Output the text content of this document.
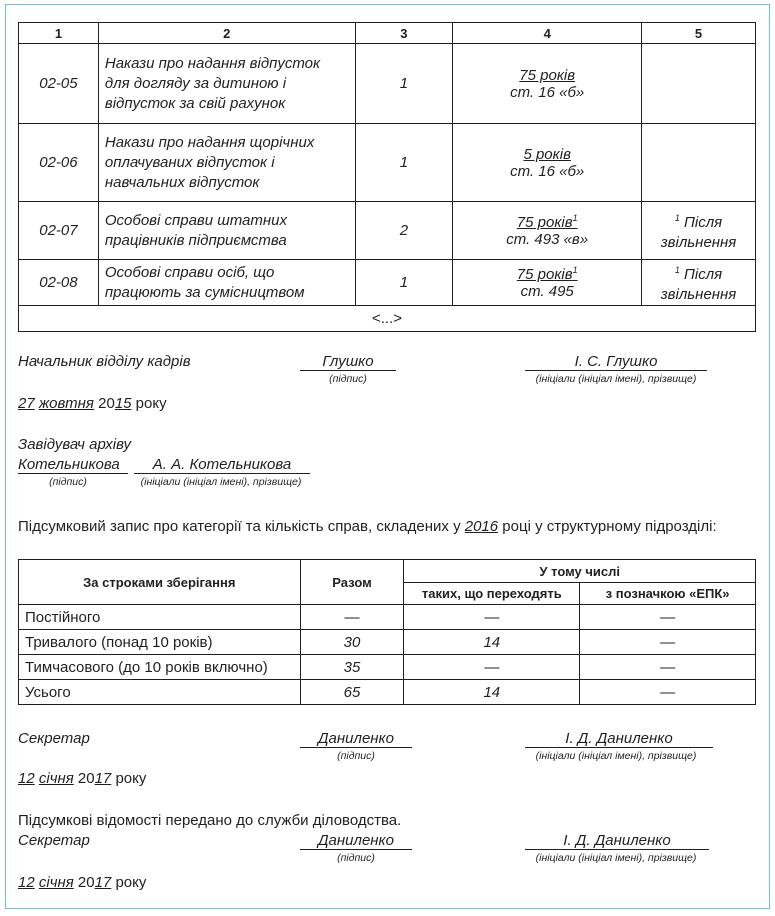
1	2	3	4	5
02-05	Накази про надання відпусток для догляду за дитиною і відпусток за свій рахунок	1	75 років
ст. 16 «б»	
02-06	Накази про надання щорічних оплачуваних відпусток і навчальних відпусток	1	5 років
ст. 16 «б»	
02-07	Особові справи штатних працівників підприємства	2	75 років$^1$
ст. 493 «в»	$^1$ Після звільнення
02-08	Особові справи осіб, що працюють за сумісництвом	1	75 років$^1$
ст. 495	$^1$ Після звільнення
<...>				
Начальник відділу кадрів	Глушко
(підпис)
І. С. Глушко
(ініціали (ініціал імені), прізвище)
27 жовтня 2015 року
Завідувач архіву
Котельникова
(підпис)
А. А. Котельникова
(ініціали (ініціал імені), прізвище)
Підсумковий запис про категорії та кількість справ, складених у 2016 році у структурному підрозділі:
За строками зберігання	Разом	У тому числі	
		таких, що переходять	з позначкою «ЕПК»
Постійного	—	—	—
Тривалого (понад 10 років)	30	14	—
Тимчасового (до 10 років включно)	35	—	—
Усього	65	14	—
Секретар	Даниленко
(підпис)
І. Д. Даниленко
(ініціали (ініціал імені), прізвище)
12 січня 2017 року
Підсумкові відомості передано до служби діловодства.
Секретар	Даниленко
(підпис)
І. Д. Даниленко
(ініціали (ініціал імені), прізвище)
12 січня 2017 року
